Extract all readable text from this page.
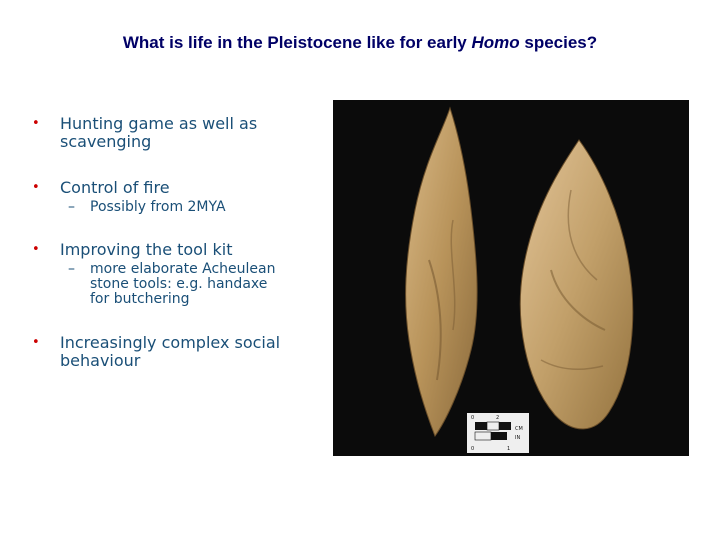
What is life in the Pleistocene like for early Homo species?
• Hunting game as well as scavenging
• Control of fire
– Possibly from 2MYA
• Improving the tool kit
– more elaborate Acheulean stone tools: e.g. handaxe for butchering
• Increasingly complex social behaviour
0	2
CM
IN
0	1
